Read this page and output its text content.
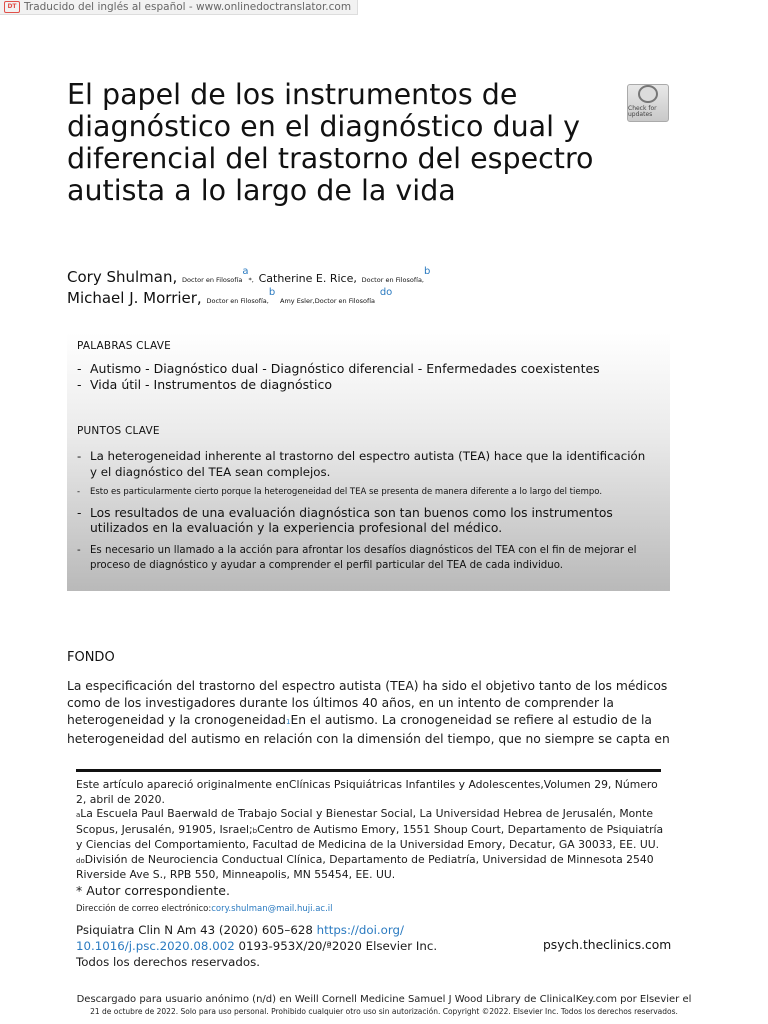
DT Traducido del inglés al español - www.onlinedoctranslator.com
El papel de los instrumentos de diagnóstico en el diagnóstico dual y diferencial del trastorno del espectro autista a lo largo de la vida
Check for updates
Cory Shulman, Doctor en Filosofía$^a$*, Catherine E. Rice, Doctor en Filosofía,$^b$
Michael J. Morrier, Doctor en Filosofía,$^b$ Amy Esler,Doctor en Filosofía $^{do}$
PALABRAS CLAVE
- Autismo - Diagnóstico dual - Diagnóstico diferencial - Enfermedades coexistentes
- Vida útil - Instrumentos de diagnóstico
PUNTOS CLAVE
- La heterogeneidad inherente al trastorno del espectro autista (TEA) hace que la identificación y el diagnóstico del TEA sean complejos.
- Esto es particularmente cierto porque la heterogeneidad del TEA se presenta de manera diferente a lo largo del tiempo.
- Los resultados de una evaluación diagnóstica son tan buenos como los instrumentos utilizados en la evaluación y la experiencia profesional del médico.
- Es necesario un llamado a la acción para afrontar los desafíos diagnósticos del TEA con el fin de mejorar el proceso de diagnóstico y ayudar a comprender el perfil particular del TEA de cada individuo.
FONDO
La especificación del trastorno del espectro autista (TEA) ha sido el objetivo tanto de los médicos como de los investigadores durante los últimos 40 años, en un intento de comprender la heterogeneidad y la cronogeneidad1En el autismo. La cronogeneidad se refiere al estudio de la heterogeneidad del autismo en relación con la dimensión del tiempo, que no siempre se capta en

Este artículo apareció originalmente enClínicas Psiquiátricas Infantiles y Adolescentes,Volumen 29, Número 2, abril de 2020.

aLa Escuela Paul Baerwald de Trabajo Social y Bienestar Social, La Universidad Hebrea de Jerusalén, Monte Scopus, Jerusalén, 91905, Israel;bCentro de Autismo Emory, 1551 Shoup Court, Departamento de Psiquiatría y Ciencias del Comportamiento, Facultad de Medicina de la Universidad Emory, Decatur, GA 30033, EE. UU.
doDivisión de Neurociencia Conductual Clínica, Departamento de Pediatría, Universidad de Minnesota 2540 Riverside Ave S., RPB 550, Minneapolis, MN 55454, EE. UU.

* Autor correspondiente.

Dirección de correo electrónico:cory.shulman@mail.huji.ac.il

Psiquiatra Clin N Am 43 (2020) 605–628 https://doi.org/
10.1016/j.psc.2020.08.002 0193-953X/20/ª2020 Elsevier Inc.
Todos los derechos reservados.
psych.theclinics.com
Descargado para usuario anónimo (n/d) en Weill Cornell Medicine Samuel J Wood Library de ClinicalKey.com por Elsevier el
21 de octubre de 2022. Solo para uso personal. Prohibido cualquier otro uso sin autorización. Copyright ©2022. Elsevier Inc. Todos los derechos reservados.
